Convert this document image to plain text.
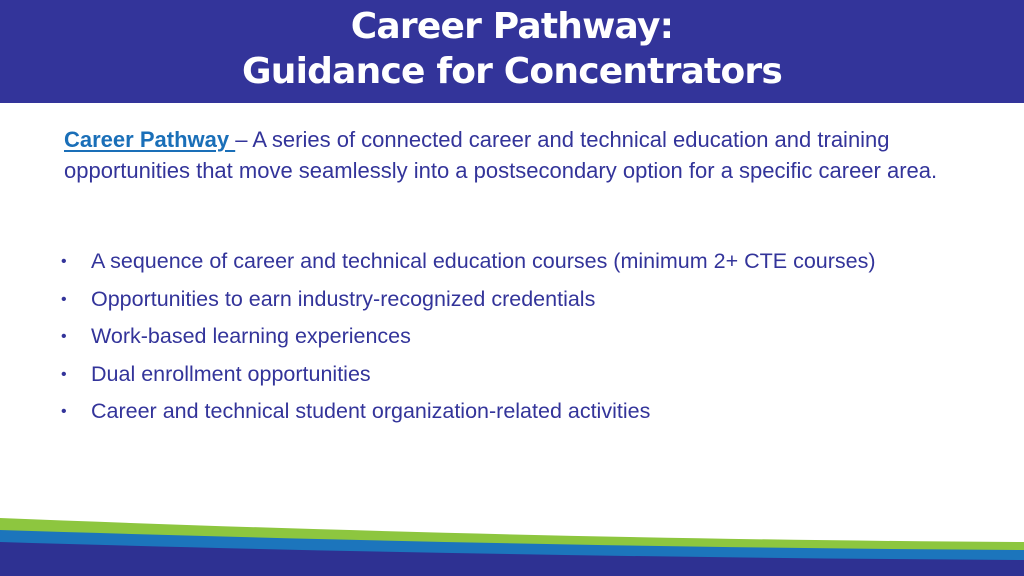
Career Pathway:
Guidance for Concentrators
Career Pathway – A series of connected career and technical education and training opportunities that move seamlessly into a postsecondary option for a specific career area.
•	A sequence of career and technical education courses (minimum 2+ CTE courses)
•	Opportunities to earn industry-recognized credentials
•	Work-based learning experiences
•	Dual enrollment opportunities
•	Career and technical student organization-related activities
